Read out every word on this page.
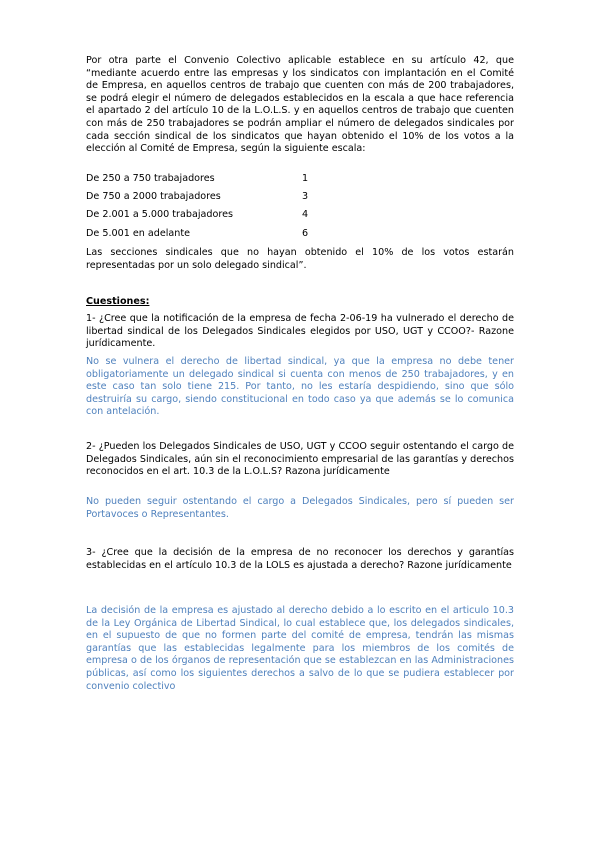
Por otra parte el Convenio Colectivo aplicable establece en su artículo 42, que “mediante acuerdo entre las empresas y los sindicatos con implantación en el Comité de Empresa, en aquellos centros de trabajo que cuenten con más de 200 trabajadores, se podrá elegir el número de delegados establecidos en la escala a que hace referencia el apartado 2 del artículo 10 de la L.O.L.S. y en aquellos centros de trabajo que cuenten con más de 250 trabajadores se podrán ampliar el número de delegados sindicales por cada sección sindical de los sindicatos que hayan obtenido el 10% de los votos a la elección al Comité de Empresa, según la siguiente escala:

De 250 a 750 trabajadores	1
De 750 a 2000 trabajadores	3
De 2.001 a 5.000 trabajadores	4
De 5.001 en adelante	6

Las secciones sindicales que no hayan obtenido el 10% de los votos estarán representadas por un solo delegado sindical”.

Cuestiones:

1- ¿Cree que la notificación de la empresa de fecha 2-06-19 ha vulnerado el derecho de libertad sindical de los Delegados Sindicales elegidos por USO, UGT y CCOO?- Razone jurídicamente.

No se vulnera el derecho de libertad sindical, ya que la empresa no debe tener obligatoriamente un delegado sindical si cuenta con menos de 250 trabajadores, y en este caso tan solo tiene 215. Por tanto, no les estaría despidiendo, sino que sólo destruiría su cargo, siendo constitucional en todo caso ya que además se lo comunica con antelación.

2- ¿Pueden los Delegados Sindicales de USO, UGT y CCOO seguir ostentando el cargo de Delegados Sindicales, aún sin el reconocimiento empresarial de las garantías y derechos reconocidos en el art. 10.3 de la L.O.L.S? Razona jurídicamente

No pueden seguir ostentando el cargo a Delegados Sindicales, pero sí pueden ser Portavoces o Representantes.

3- ¿Cree que la decisión de la empresa de no reconocer los derechos y garantías establecidas en el artículo 10.3 de la LOLS es ajustada a derecho? Razone jurídicamente

La decisión de la empresa es ajustado al derecho debido a lo escrito en el articulo 10.3 de la Ley Orgánica de Libertad Sindical, lo cual establece que, los delegados sindicales, en el supuesto de que no formen parte del comité de empresa, tendrán las mismas garantías que las establecidas legalmente para los miembros de los comités de empresa o de los órganos de representación que se establezcan en las Administraciones públicas, así como los siguientes derechos a salvo de lo que se pudiera establecer por convenio colectivo
